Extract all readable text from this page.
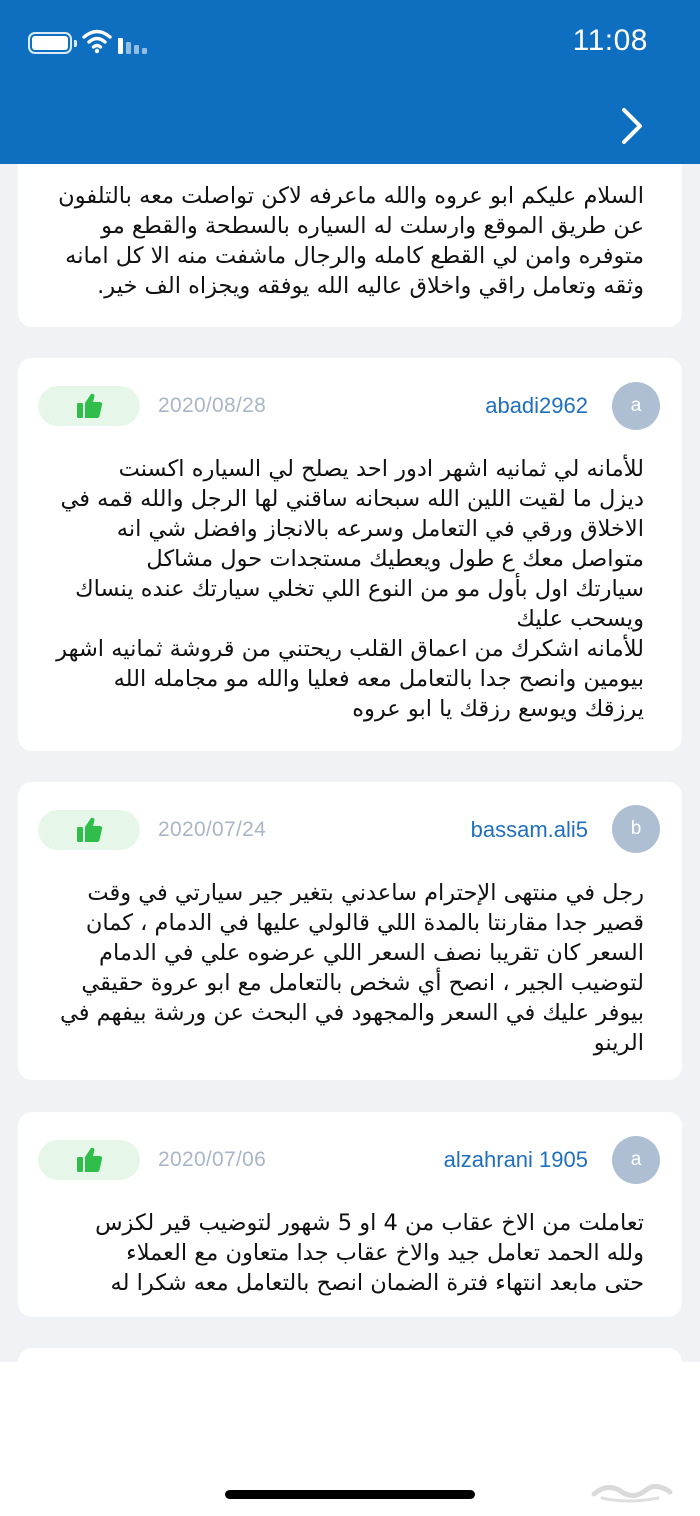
11:08
السلام عليكم ابو عروه والله ماعرفه لاكن تواصلت معه بالتلفون
عن طريق الموقع وارسلت له السياره بالسطحة والقطع مو
متوفره وامن لي القطع كامله والرجال ماشفت منه الا كل امانه
وثقه وتعامل راقي واخلاق عاليه الله يوفقه ويجزاه الف خير.
a
abadi2962
2020/08/28
للأمانه لي ثمانيه اشهر ادور احد يصلح لي السياره اكسنت
ديزل ما لقيت اللين الله سبحانه ساقني لها الرجل والله قمه في
الاخلاق ورقي في التعامل وسرعه بالانجاز وافضل شي انه
متواصل معك ع طول ويعطيك مستجدات حول مشاكل
سيارتك اول بأول مو من النوع اللي تخلي سيارتك عنده ينساك
ويسحب عليك
للأمانه اشكرك من اعماق القلب ريحتني من قروشة ثمانيه اشهر
بيومين وانصح جدا بالتعامل معه فعليا والله مو مجامله الله
يرزقك ويوسع رزقك يا ابو عروه
b
bassam.ali5
2020/07/24
رجل في منتهى الإحترام ساعدني بتغير جير سيارتي في وقت
قصير جدا مقارنتا بالمدة اللي قالولي عليها في الدمام ، كمان
السعر كان تقريبا نصف السعر اللي عرضوه علي في الدمام
لتوضيب الجير ، انصح أي شخص بالتعامل مع ابو عروة حقيقي
بيوفر عليك في السعر والمجهود في البحث عن ورشة بيفهم في
الرينو
a
alzahrani 1905
2020/07/06
تعاملت من الاخ عقاب من 4 او 5 شهور لتوضيب قير لكزس
ولله الحمد تعامل جيد والاخ عقاب جدا متعاون مع العملاء
حتى مابعد انتهاء فترة الضمان انصح بالتعامل معه شكرا له
